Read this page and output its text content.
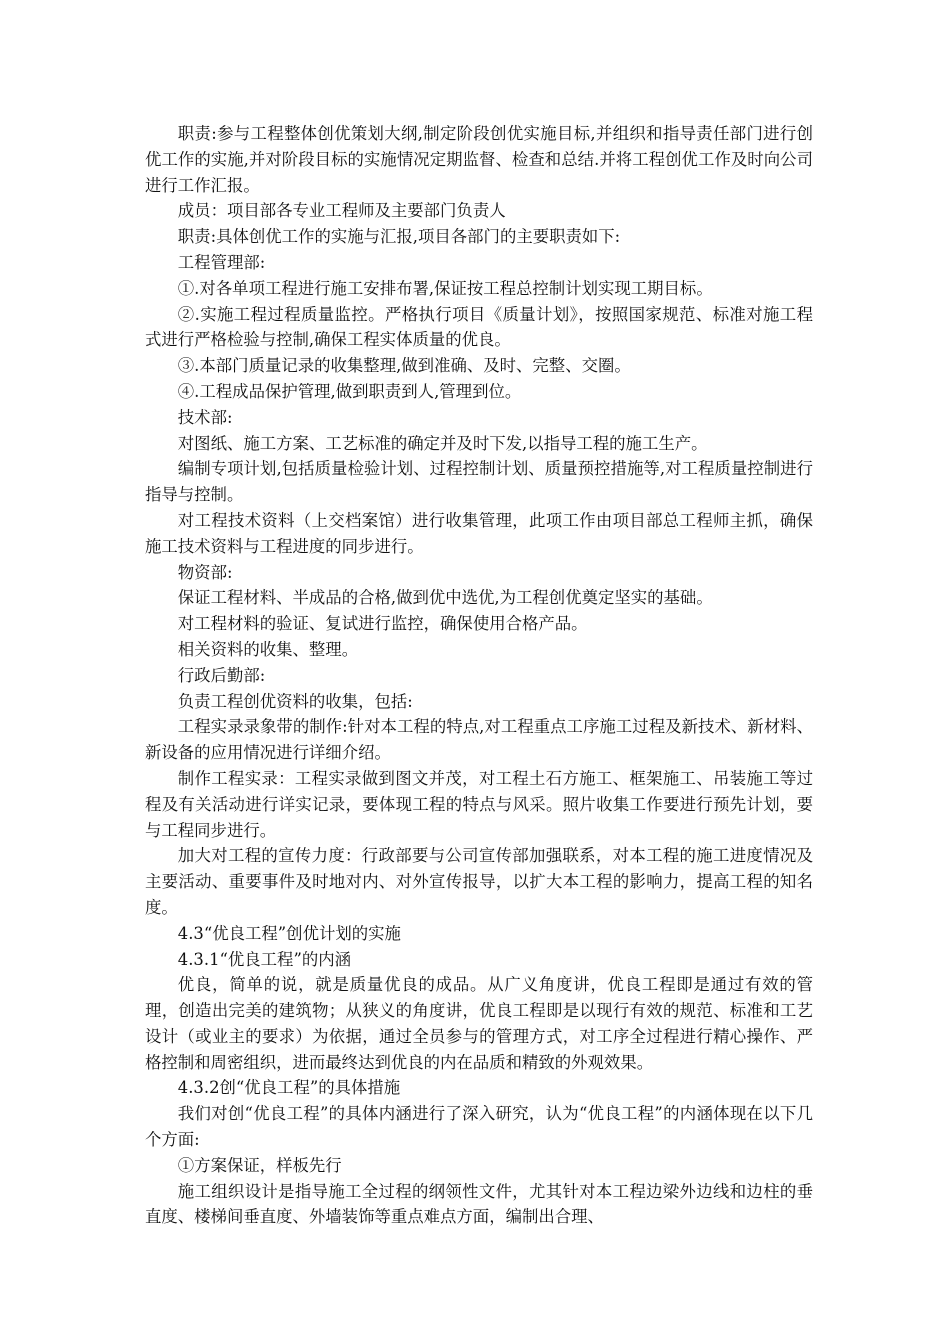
职责:参与工程整体创优策划大纲,制定阶段创优实施目标,并组织和指导责任部门进行创优工作的实施,并对阶段目标的实施情况定期监督、检查和总结.并将工程创优工作及时向公司进行工作汇报。

成员：项目部各专业工程师及主要部门负责人

职责:具体创优工作的实施与汇报,项目各部门的主要职责如下:

工程管理部:

①.对各单项工程进行施工安排布署,保证按工程总控制计划实现工期目标。

②.实施工程过程质量监控。严格执行项目《质量计划》，按照国家规范、标准对施工程式进行严格检验与控制,确保工程实体质量的优良。

③.本部门质量记录的收集整理,做到准确、及时、完整、交圈。

④.工程成品保护管理,做到职责到人,管理到位。

技术部:

对图纸、施工方案、工艺标准的确定并及时下发,以指导工程的施工生产。

编制专项计划,包括质量检验计划、过程控制计划、质量预控措施等,对工程质量控制进行指导与控制。

对工程技术资料（上交档案馆）进行收集管理，此项工作由项目部总工程师主抓，确保施工技术资料与工程进度的同步进行。

物资部:

保证工程材料、半成品的合格,做到优中选优,为工程创优奠定坚实的基础。

对工程材料的验证、复试进行监控，确保使用合格产品。

相关资料的收集、整理。

行政后勤部:

负责工程创优资料的收集，包括:

工程实录录象带的制作:针对本工程的特点,对工程重点工序施工过程及新技术、新材料、新设备的应用情况进行详细介绍。

制作工程实录：工程实录做到图文并茂，对工程土石方施工、框架施工、吊装施工等过程及有关活动进行详实记录，要体现工程的特点与风采。照片收集工作要进行预先计划，要与工程同步进行。

加大对工程的宣传力度：行政部要与公司宣传部加强联系，对本工程的施工进度情况及主要活动、重要事件及时地对内、对外宣传报导，以扩大本工程的影响力，提高工程的知名度。

4.3“优良工程”创优计划的实施

4.3.1“优良工程”的内涵

优良，简单的说，就是质量优良的成品。从广义角度讲，优良工程即是通过有效的管理，创造出完美的建筑物；从狭义的角度讲，优良工程即是以现行有效的规范、标准和工艺设计（或业主的要求）为依据，通过全员参与的管理方式，对工序全过程进行精心操作、严格控制和周密组织，进而最终达到优良的内在品质和精致的外观效果。

4.3.2创“优良工程”的具体措施

我们对创“优良工程”的具体内涵进行了深入研究，认为“优良工程”的内涵体现在以下几个方面:

①方案保证，样板先行

施工组织设计是指导施工全过程的纲领性文件，尤其针对本工程边梁外边线和边柱的垂直度、楼梯间垂直度、外墙装饰等重点难点方面，编制出合理、
